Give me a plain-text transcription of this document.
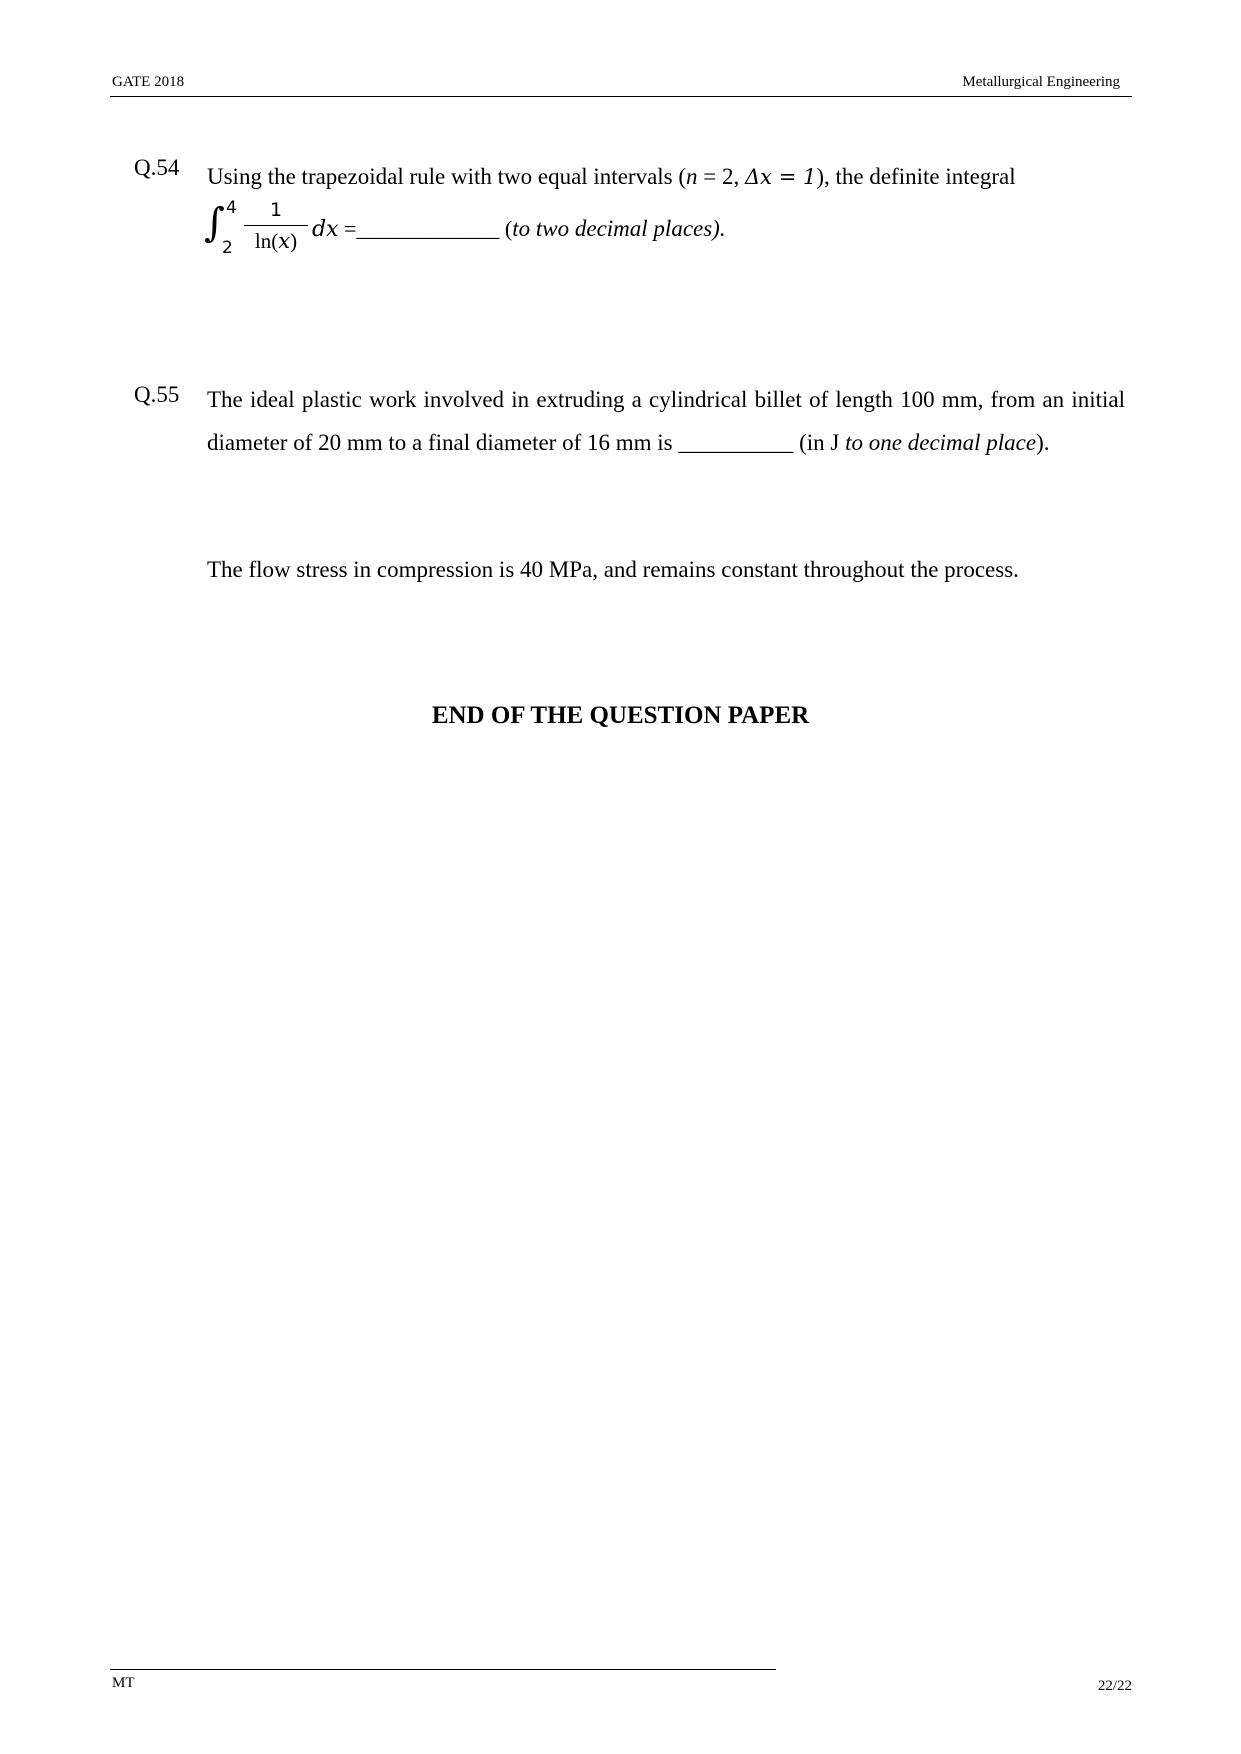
GATE 2018	Metallurgical Engineering
Q.54 Using the trapezoidal rule with two equal intervals (n = 2, Δx = 1), the definite integral
∫ 4
2
1
ln(x) dx =_____________ (to two decimal places).
Q.55 The ideal plastic work involved in extruding a cylindrical billet of length 100 mm, from an initial diameter of 20 mm to a final diameter of 16 mm is __________ (in J to one decimal place).
The flow stress in compression is 40 MPa, and remains constant throughout the process.
END OF THE QUESTION PAPER
MT	22/22
